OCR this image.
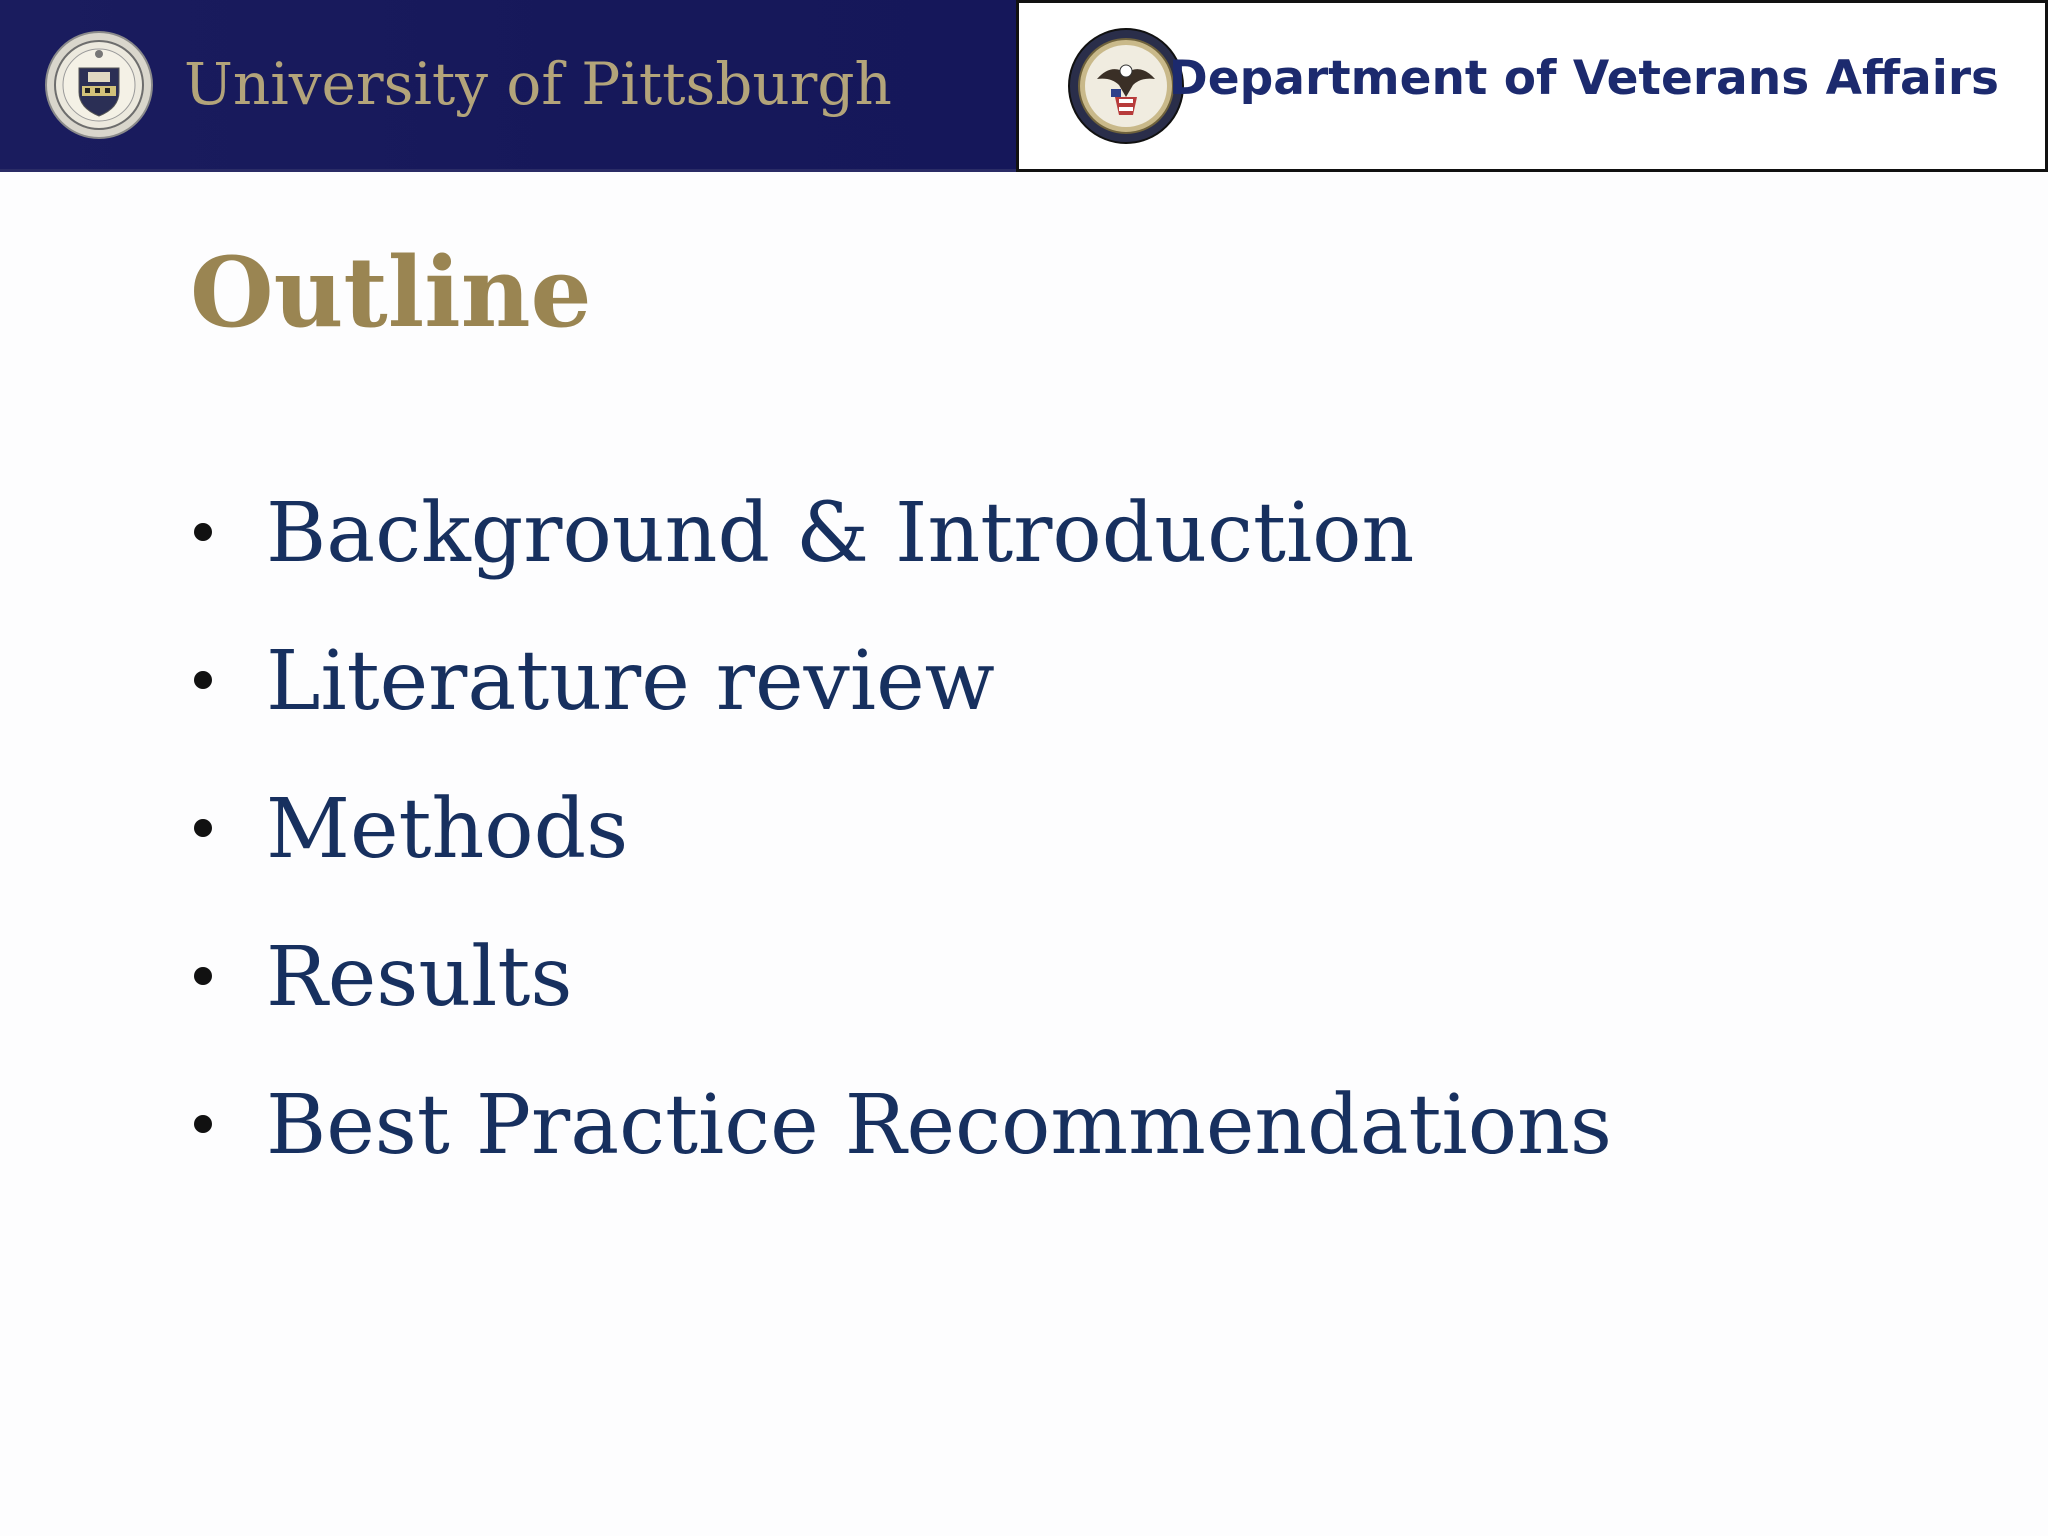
University of Pittsburgh	Department of Veterans Affairs
Outline
Background & Introduction
Literature review
Methods
Results
Best Practice Recommendations
